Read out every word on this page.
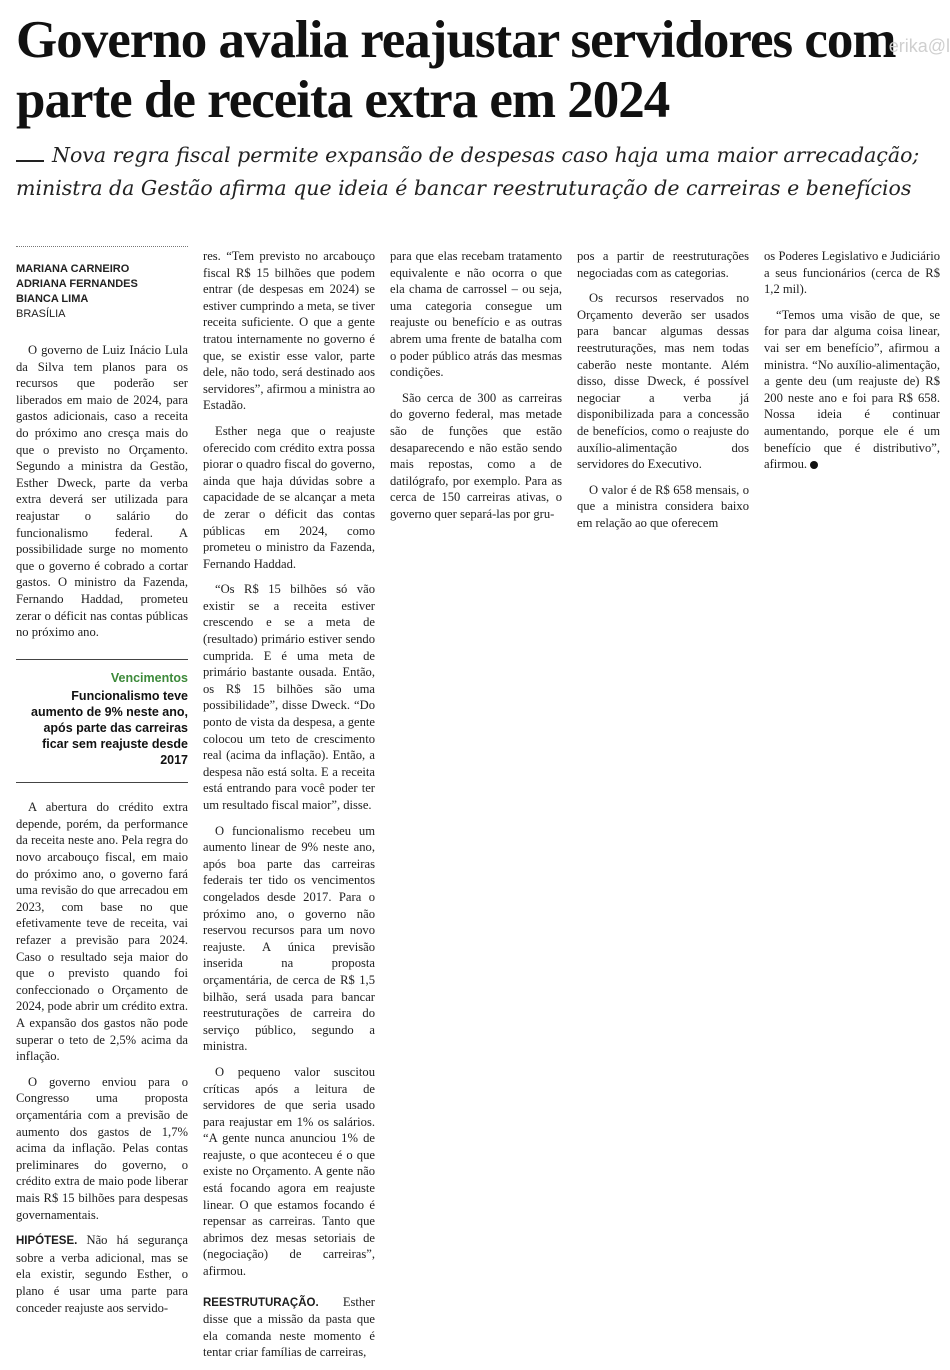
Governo avalia reajustar servidores com parte de receita extra em 2024
erika@l

Nova regra fiscal permite expansão de despesas caso haja uma maior arrecadação; ministra da Gestão afirma que ideia é bancar reestruturação de carreiras e benefícios

MARIANA CARNEIRO
ADRIANA FERNANDES
BIANCA LIMA
BRASÍLIA

O governo de Luiz Inácio Lula da Silva tem planos para os recursos que poderão ser liberados em maio de 2024, para gastos adicionais, caso a receita do próximo ano cresça mais do que o previsto no Orçamento. Segundo a ministra da Gestão, Esther Dweck, parte da verba extra deverá ser utilizada para reajustar o salário do funcionalismo federal. A possibilidade surge no momento que o governo é cobrado a cortar gastos. O ministro da Fazenda, Fernando Haddad, prometeu zerar o déficit nas contas públicas no próximo ano.

Vencimentos
Funcionalismo teve aumento de 9% neste ano, após parte das carreiras ficar sem reajuste desde 2017

A abertura do crédito extra depende, porém, da performance da receita neste ano. Pela regra do novo arcabouço fiscal, em maio do próximo ano, o governo fará uma revisão do que arrecadou em 2023, com base no que efetivamente teve de receita, vai refazer a previsão para 2024. Caso o resultado seja maior do que o previsto quando foi confeccionado o Orçamento de 2024, pode abrir um crédito extra. A expansão dos gastos não pode superar o teto de 2,5% acima da inflação.

O governo enviou para o Congresso uma proposta orçamentária com a previsão de aumento dos gastos de 1,7% acima da inflação. Pelas contas preliminares do governo, o crédito extra de maio pode liberar mais R$ 15 bilhões para despesas governamentais.

HIPÓTESE. Não há segurança sobre a verba adicional, mas se ela existir, segundo Esther, o plano é usar uma parte para conceder reajuste aos servido-

res. “Tem previsto no arcabouço fiscal R$ 15 bilhões que podem entrar (de despesas em 2024) se estiver cumprindo a meta, se tiver receita suficiente. O que a gente tratou internamente no governo é que, se existir esse valor, parte dele, não todo, será destinado aos servidores”, afirmou a ministra ao Estadão.

Esther nega que o reajuste oferecido com crédito extra possa piorar o quadro fiscal do governo, ainda que haja dúvidas sobre a capacidade de se alcançar a meta de zerar o déficit das contas públicas em 2024, como prometeu o ministro da Fazenda, Fernando Haddad.

“Os R$ 15 bilhões só vão existir se a receita estiver crescendo e se a meta de (resultado) primário estiver sendo cumprida. E é uma meta de primário bastante ousada. Então, os R$ 15 bilhões são uma possibilidade”, disse Dweck. “Do ponto de vista da despesa, a gente colocou um teto de crescimento real (acima da inflação). Então, a despesa não está solta. E a receita está entrando para você poder ter um resultado fiscal maior”, disse.

O funcionalismo recebeu um aumento linear de 9% neste ano, após boa parte das carreiras federais ter tido os vencimentos congelados desde 2017. Para o próximo ano, o governo não reservou recursos para um novo reajuste. A única previsão inserida na proposta orçamentária, de cerca de R$ 1,5 bilhão, será usada para bancar reestruturações de carreira do serviço público, segundo a ministra.

O pequeno valor suscitou críticas após a leitura de servidores de que seria usado para reajustar em 1% os salários. “A gente nunca anunciou 1% de reajuste, o que aconteceu é o que existe no Orçamento. A gente não está focando agora em reajuste linear. O que estamos focando é repensar as carreiras. Tanto que abrimos dez mesas setoriais de (negociação) de carreiras”, afirmou.

REESTRUTURAÇÃO. Esther disse que a missão da pasta que ela comanda neste momento é tentar criar famílias de carreiras,

para que elas recebam tratamento equivalente e não ocorra o que ela chama de carrossel – ou seja, uma categoria consegue um reajuste ou benefício e as outras abrem uma frente de batalha com o poder público atrás das mesmas condições.

São cerca de 300 as carreiras do governo federal, mas metade são de funções que estão desaparecendo e não estão sendo mais repostas, como a de datilógrafo, por exemplo. Para as cerca de 150 carreiras ativas, o governo quer separá-las por gru-

pos a partir de reestruturações negociadas com as categorias.

Os recursos reservados no Orçamento deverão ser usados para bancar algumas dessas reestruturações, mas nem todas caberão neste montante. Além disso, disse Dweck, é possível negociar a verba já disponibilizada para a concessão de benefícios, como o reajuste do auxílio-alimentação dos servidores do Executivo.

O valor é de R$ 658 mensais, o que a ministra considera baixo em relação ao que oferecem

os Poderes Legislativo e Judiciário a seus funcionários (cerca de R$ 1,2 mil).

“Temos uma visão de que, se for para dar alguma coisa linear, vai ser em benefício”, afirmou a ministra. “No auxílio-alimentação, a gente deu (um reajuste de) R$ 200 neste ano e foi para R$ 658. Nossa ideia é continuar aumentando, porque ele é um benefício que é distributivo”, afirmou.
